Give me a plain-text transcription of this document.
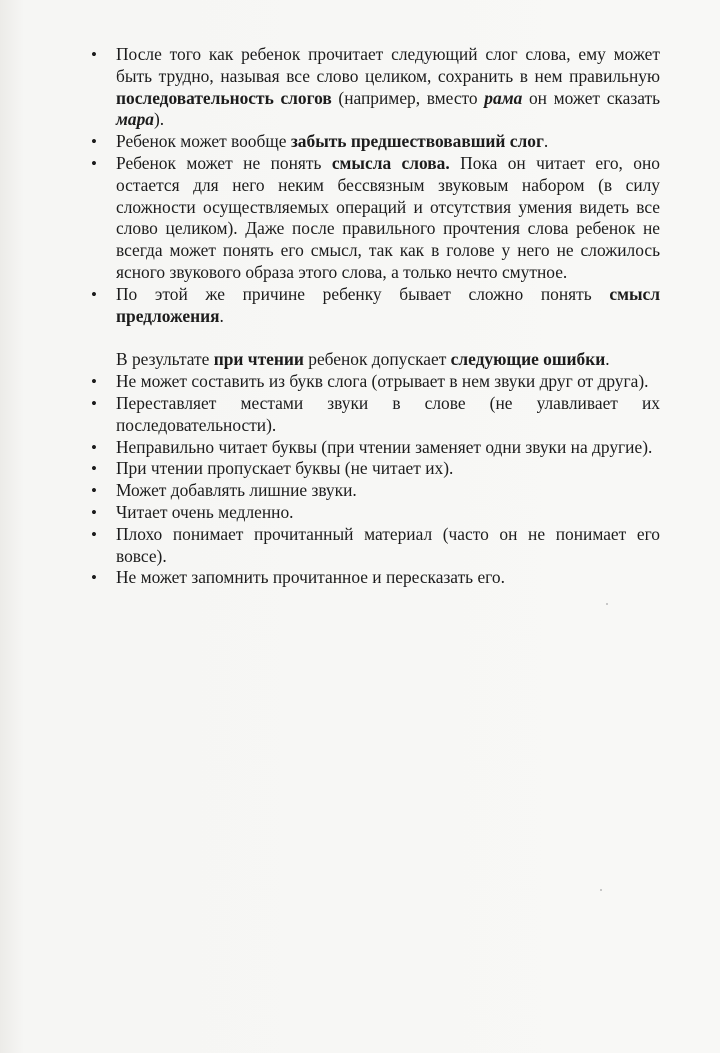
• После того как ребенок прочитает следующий слог слова, ему может быть трудно, называя все слово целиком, сохранить в нем правильную последовательность слогов (например, вместо рама он может сказать мара).
• Ребенок может вообще забыть предшествовавший слог.
• Ребенок может не понять смысла слова. Пока он читает его, оно остается для него неким бессвязным звуковым набором (в силу сложности осуществляемых операций и отсутствия умения видеть все слово целиком). Даже после правильного прочтения слова ребенок не всегда может понять его смысл, так как в голове у него не сложилось ясного звукового образа этого слова, а только нечто смутное.
• По этой же причине ребенку бывает сложно понять смысл предложения.

В результате при чтении ребенок допускает следующие ошибки.

• Не может составить из букв слога (отрывает в нем звуки друг от друга).
• Переставляет местами звуки в слове (не улавливает их последовательности).
• Неправильно читает буквы (при чтении заменяет одни звуки на другие).
• При чтении пропускает буквы (не читает их).
• Может добавлять лишние звуки.
• Читает очень медленно.
• Плохо понимает прочитанный материал (часто он не понимает его вовсе).
• Не может запомнить прочитанное и пересказать его.
